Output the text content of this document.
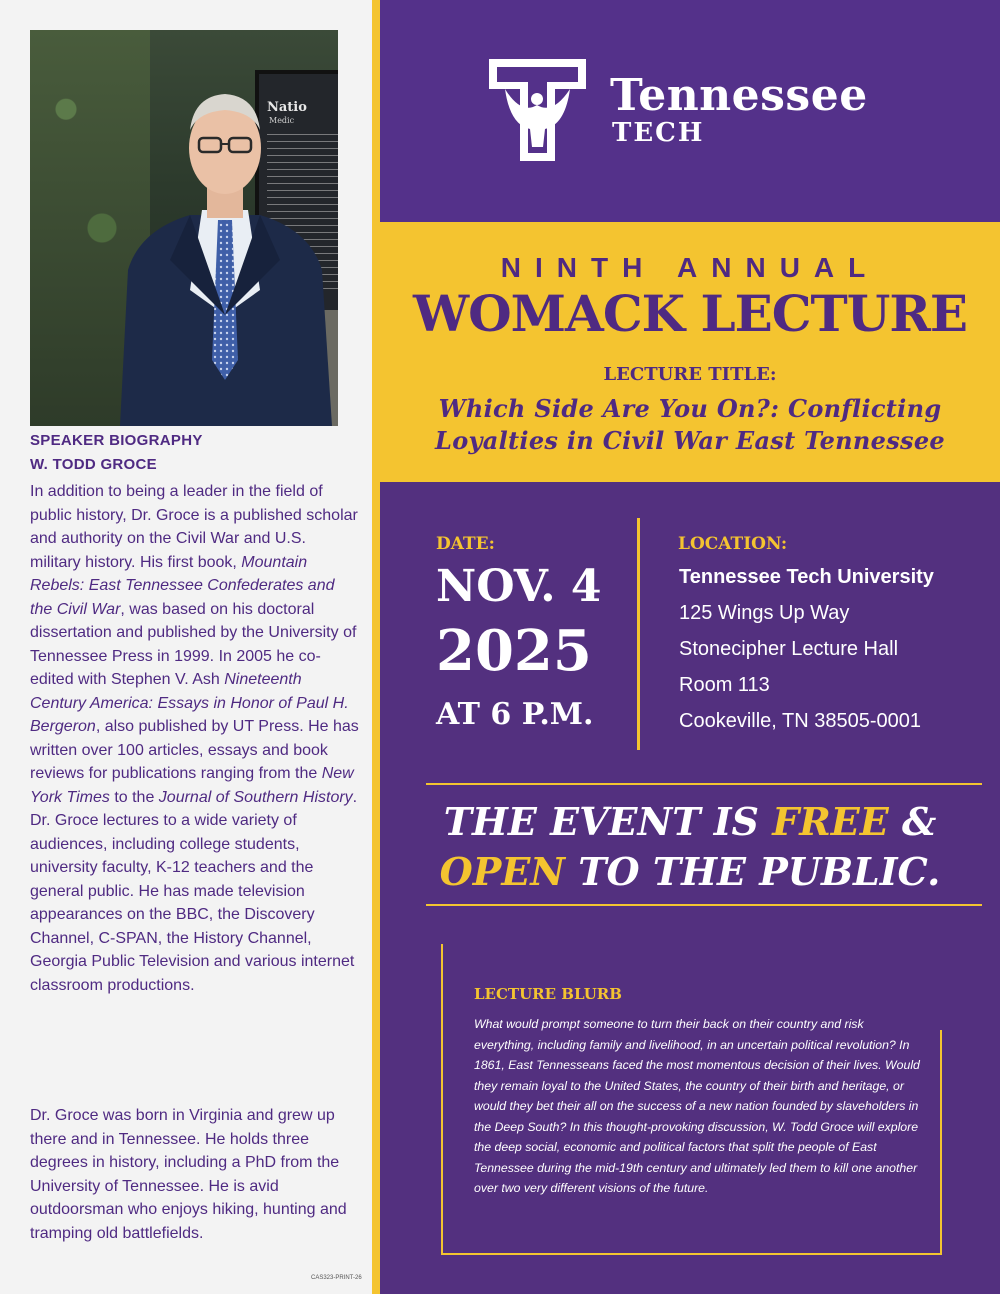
Natio
Medic
SPEAKER BIOGRAPHY
W. TODD GROCE

In addition to being a leader in the field of public history, Dr. Groce is a published scholar and authority on the Civil War and U.S. military history. His first book, Mountain Rebels: East Tennessee Confederates and the Civil War, was based on his doctoral dissertation and published by the University of Tennessee Press in 1999. In 2005 he co-edited with Stephen V. Ash Nineteenth Century America: Essays in Honor of Paul H. Bergeron, also published by UT Press. He has written over 100 articles, essays and book reviews for publications ranging from the New York Times to the Journal of Southern History. Dr. Groce lectures to a wide variety of audiences, including college students, university faculty, K-12 teachers and the general public. He has made television appearances on the BBC, the Discovery Channel, C-SPAN, the History Channel, Georgia Public Television and various internet classroom productions.

Dr. Groce was born in Virginia and grew up there and in Tennessee. He holds three degrees in history, including a PhD from the University of Tennessee. He is avid outdoorsman who enjoys hiking, hunting and tramping old battlefields.

CAS323-PRINT-26
Tennessee
TECH
NINTH ANNUAL
WOMACK LECTURE
LECTURE TITLE:
Which Side Are You On?: Conflicting
Loyalties in Civil War East Tennessee
DATE:
NOV. 4
2025
AT 6 P.M.
LOCATION:
Tennessee Tech University
125 Wings Up Way
Stonecipher Lecture Hall
Room 113
Cookeville, TN 38505-0001
THE EVENT IS FREE &
OPEN TO THE PUBLIC.
LECTURE BLURB

What would prompt someone to turn their back on their country and risk everything, including family and livelihood, in an uncertain political revolution? In 1861, East Tennesseans faced the most momentous decision of their lives. Would they remain loyal to the United States, the country of their birth and heritage, or would they bet their all on the success of a new nation founded by slaveholders in the Deep South? In this thought-provoking discussion, W. Todd Groce will explore the deep social, economic and political factors that split the people of East Tennessee during the mid-19th century and ultimately led them to kill one another over two very different visions of the future.
